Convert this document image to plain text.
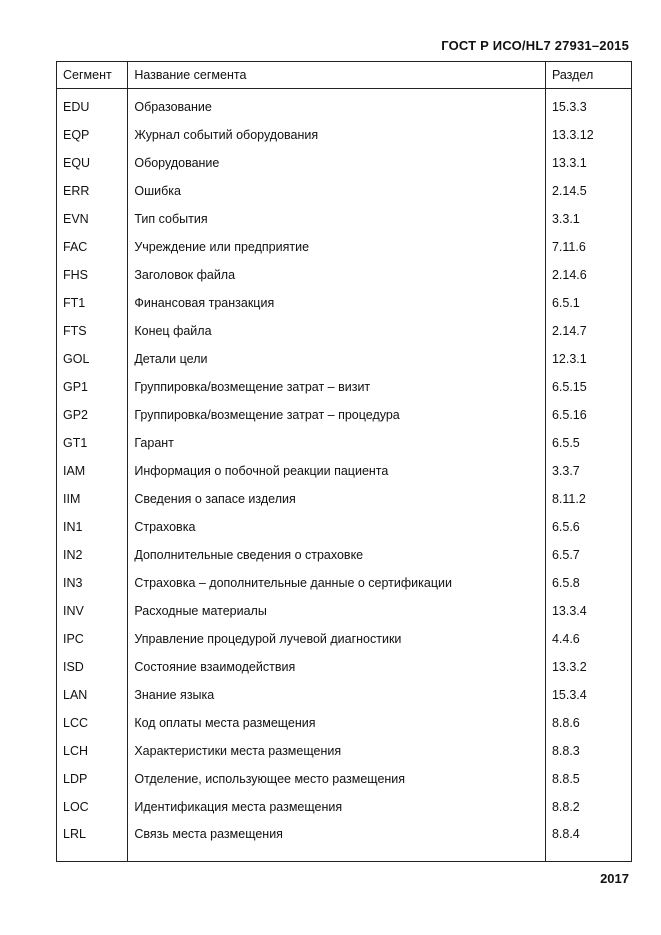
ГОСТ Р ИСО/HL7 27931–2015
Сегмент	Название сегмента	Раздел
EDU	Образование	15.3.3
EQP	Журнал событий оборудования	13.3.12
EQU	Оборудование	13.3.1
ERR	Ошибка	2.14.5
EVN	Тип события	3.3.1
FAC	Учреждение или предприятие	7.11.6
FHS	Заголовок файла	2.14.6
FT1	Финансовая транзакция	6.5.1
FTS	Конец файла	2.14.7
GOL	Детали цели	12.3.1
GP1	Группировка/возмещение затрат – визит	6.5.15
GP2	Группировка/возмещение затрат – процедура	6.5.16
GT1	Гарант	6.5.5
IAM	Информация о побочной реакции пациента	3.3.7
IIM	Сведения о запасе изделия	8.11.2
IN1	Страховка	6.5.6
IN2	Дополнительные сведения о страховке	6.5.7
IN3	Страховка – дополнительные данные о сертификации	6.5.8
INV	Расходные материалы	13.3.4
IPC	Управление процедурой лучевой диагностики	4.4.6
ISD	Состояние взаимодействия	13.3.2
LAN	Знание языка	15.3.4
LCC	Код оплаты места размещения	8.8.6
LCH	Характеристики места размещения	8.8.3
LDP	Отделение, использующее место размещения	8.8.5
LOC	Идентификация места размещения	8.8.2
LRL	Связь места размещения	8.8.4
2017
